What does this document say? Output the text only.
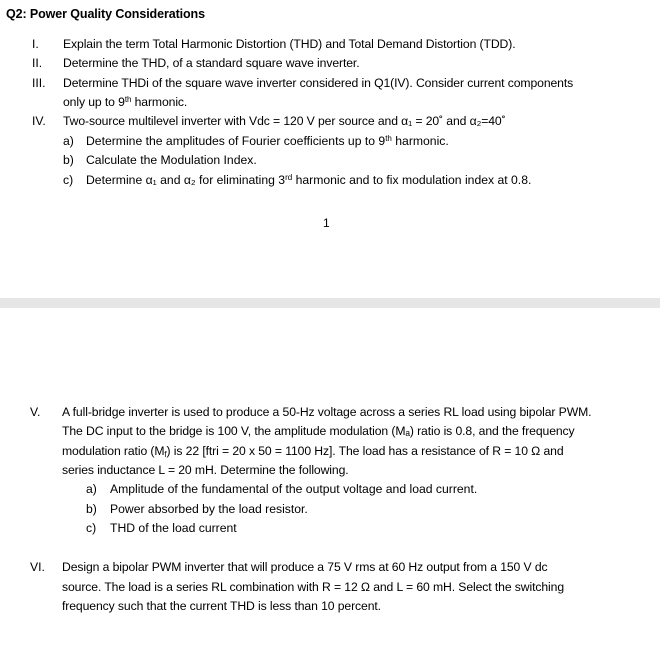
Q2: Power Quality Considerations
I. Explain the term Total Harmonic Distortion (THD) and Total Demand Distortion (TDD).
II. Determine the THD, of a standard square wave inverter.
III. Determine THDi of the square wave inverter considered in Q1(IV). Consider current components
only up to 9th harmonic.
IV. Two-source multilevel inverter with Vdc = 120 V per source and α₁ = 20˚ and α₂=40˚
a) Determine the amplitudes of Fourier coefficients up to 9th harmonic.
b) Calculate the Modulation Index.
c) Determine α₁ and α₂ for eliminating 3rd harmonic and to fix modulation index at 0.8.
1
V. A full-bridge inverter is used to produce a 50-Hz voltage across a series RL load using bipolar PWM.
The DC input to the bridge is 100 V, the amplitude modulation (Mₐ) ratio is 0.8, and the frequency
modulation ratio $(M_f)$ is 22 [ftri = 20 x 50 = 1100 Hz]. The load has a resistance of R = 10 Ω and
series inductance L = 20 mH. Determine the following.
a) Amplitude of the fundamental of the output voltage and load current.
b) Power absorbed by the load resistor.
c) THD of the load current
VI. Design a bipolar PWM inverter that will produce a 75 V rms at 60 Hz output from a 150 V dc
source. The load is a series RL combination with R = 12 Ω and L = 60 mH. Select the switching
frequency such that the current THD is less than 10 percent.
